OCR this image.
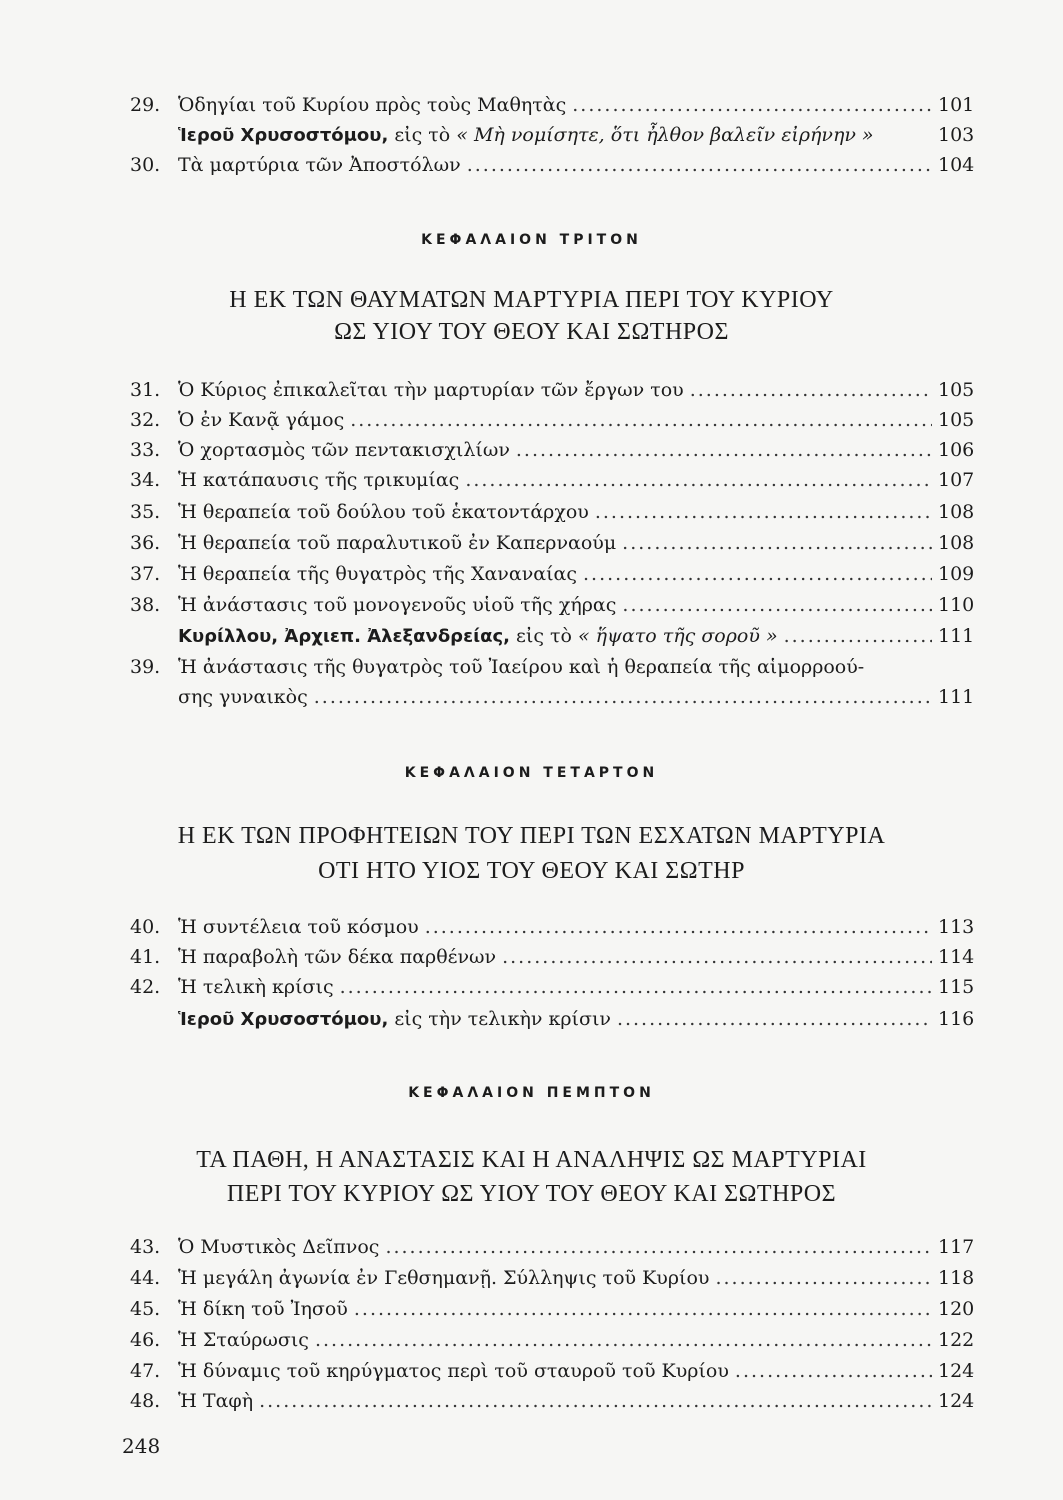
29. Ὁδηγίαι τοῦ Κυρίου πρὸς τοὺς Μαθητὰς .....	101
Ἱεροῦ Χρυσοστόμου, εἰς τὸ « Μὴ νομίσητε, ὅτι ἦλθον βαλεῖν εἰρήνην »	103
30. Τὰ μαρτύρια τῶν Ἀποστόλων .....	104
ΚΕΦΑΛΑΙΟΝ ΤΡΙΤΟΝ
Η ΕΚ ΤΩΝ ΘΑΥΜΑΤΩΝ ΜΑΡΤΥΡΙΑ ΠΕΡΙ ΤΟΥ ΚΥΡΙΟΥ
ΩΣ ΥΙΟΥ ΤΟΥ ΘΕΟΥ ΚΑΙ ΣΩΤΗΡΟΣ
31. Ὁ Κύριος ἐπικαλεῖται τὴν μαρτυρίαν τῶν ἔργων του .....	105
32. Ὁ ἐν Κανᾷ γάμος .....	105
33. Ὁ χορτασμὸς τῶν πεντακισχιλίων .....	106
34. Ἡ κατάπαυσις τῆς τρικυμίας .....	107
35. Ἡ θεραπεία τοῦ δούλου τοῦ ἑκατοντάρχου .....	108
36. Ἡ θεραπεία τοῦ παραλυτικοῦ ἐν Καπερναούμ .....	108
37. Ἡ θεραπεία τῆς θυγατρὸς τῆς Χαναναίας .....	109
38. Ἡ ἀνάστασις τοῦ μονογενοῦς υἱοῦ τῆς χήρας .....	110
Κυρίλλου, Ἀρχιεπ. Ἀλεξανδρείας, εἰς τὸ « ἥψατο τῆς σοροῦ » .....	111
39. Ἡ ἀνάστασις τῆς θυγατρὸς τοῦ Ἰαείρου καὶ ἡ θεραπεία τῆς αἱμορροού-
σης γυναικὸς .....	111
ΚΕΦΑΛΑΙΟΝ ΤΕΤΑΡΤΟΝ
Η ΕΚ ΤΩΝ ΠΡΟΦΗΤΕΙΩΝ ΤΟΥ ΠΕΡΙ ΤΩΝ ΕΣΧΑΤΩΝ ΜΑΡΤΥΡΙΑ
ΟΤΙ ΗΤΟ ΥΙΟΣ ΤΟΥ ΘΕΟΥ ΚΑΙ ΣΩΤΗΡ
40. Ἡ συντέλεια τοῦ κόσμου .....	113
41. Ἡ παραβολὴ τῶν δέκα παρθένων .....	114
42. Ἡ τελικὴ κρίσις .....	115
Ἱεροῦ Χρυσοστόμου, εἰς τὴν τελικὴν κρίσιν .....	116
ΚΕΦΑΛΑΙΟΝ ΠΕΜΠΤΟΝ
ΤΑ ΠΑΘΗ, Η ΑΝΑΣΤΑΣΙΣ ΚΑΙ Η ΑΝΑΛΗΨΙΣ ΩΣ ΜΑΡΤΥΡΙΑΙ
ΠΕΡΙ ΤΟΥ ΚΥΡΙΟΥ ΩΣ ΥΙΟΥ ΤΟΥ ΘΕΟΥ ΚΑΙ ΣΩΤΗΡΟΣ
43. Ὁ Μυστικὸς Δεῖπνος .....	117
44. Ἡ μεγάλη ἀγωνία ἐν Γεθσημανῇ. Σύλληψις τοῦ Κυρίου .....	118
45. Ἡ δίκη τοῦ Ἰησοῦ .....	120
46. Ἡ Σταύρωσις .....	122
47. Ἡ δύναμις τοῦ κηρύγματος περὶ τοῦ σταυροῦ τοῦ Κυρίου .....	124
48. Ἡ Ταφὴ .....	124
248
